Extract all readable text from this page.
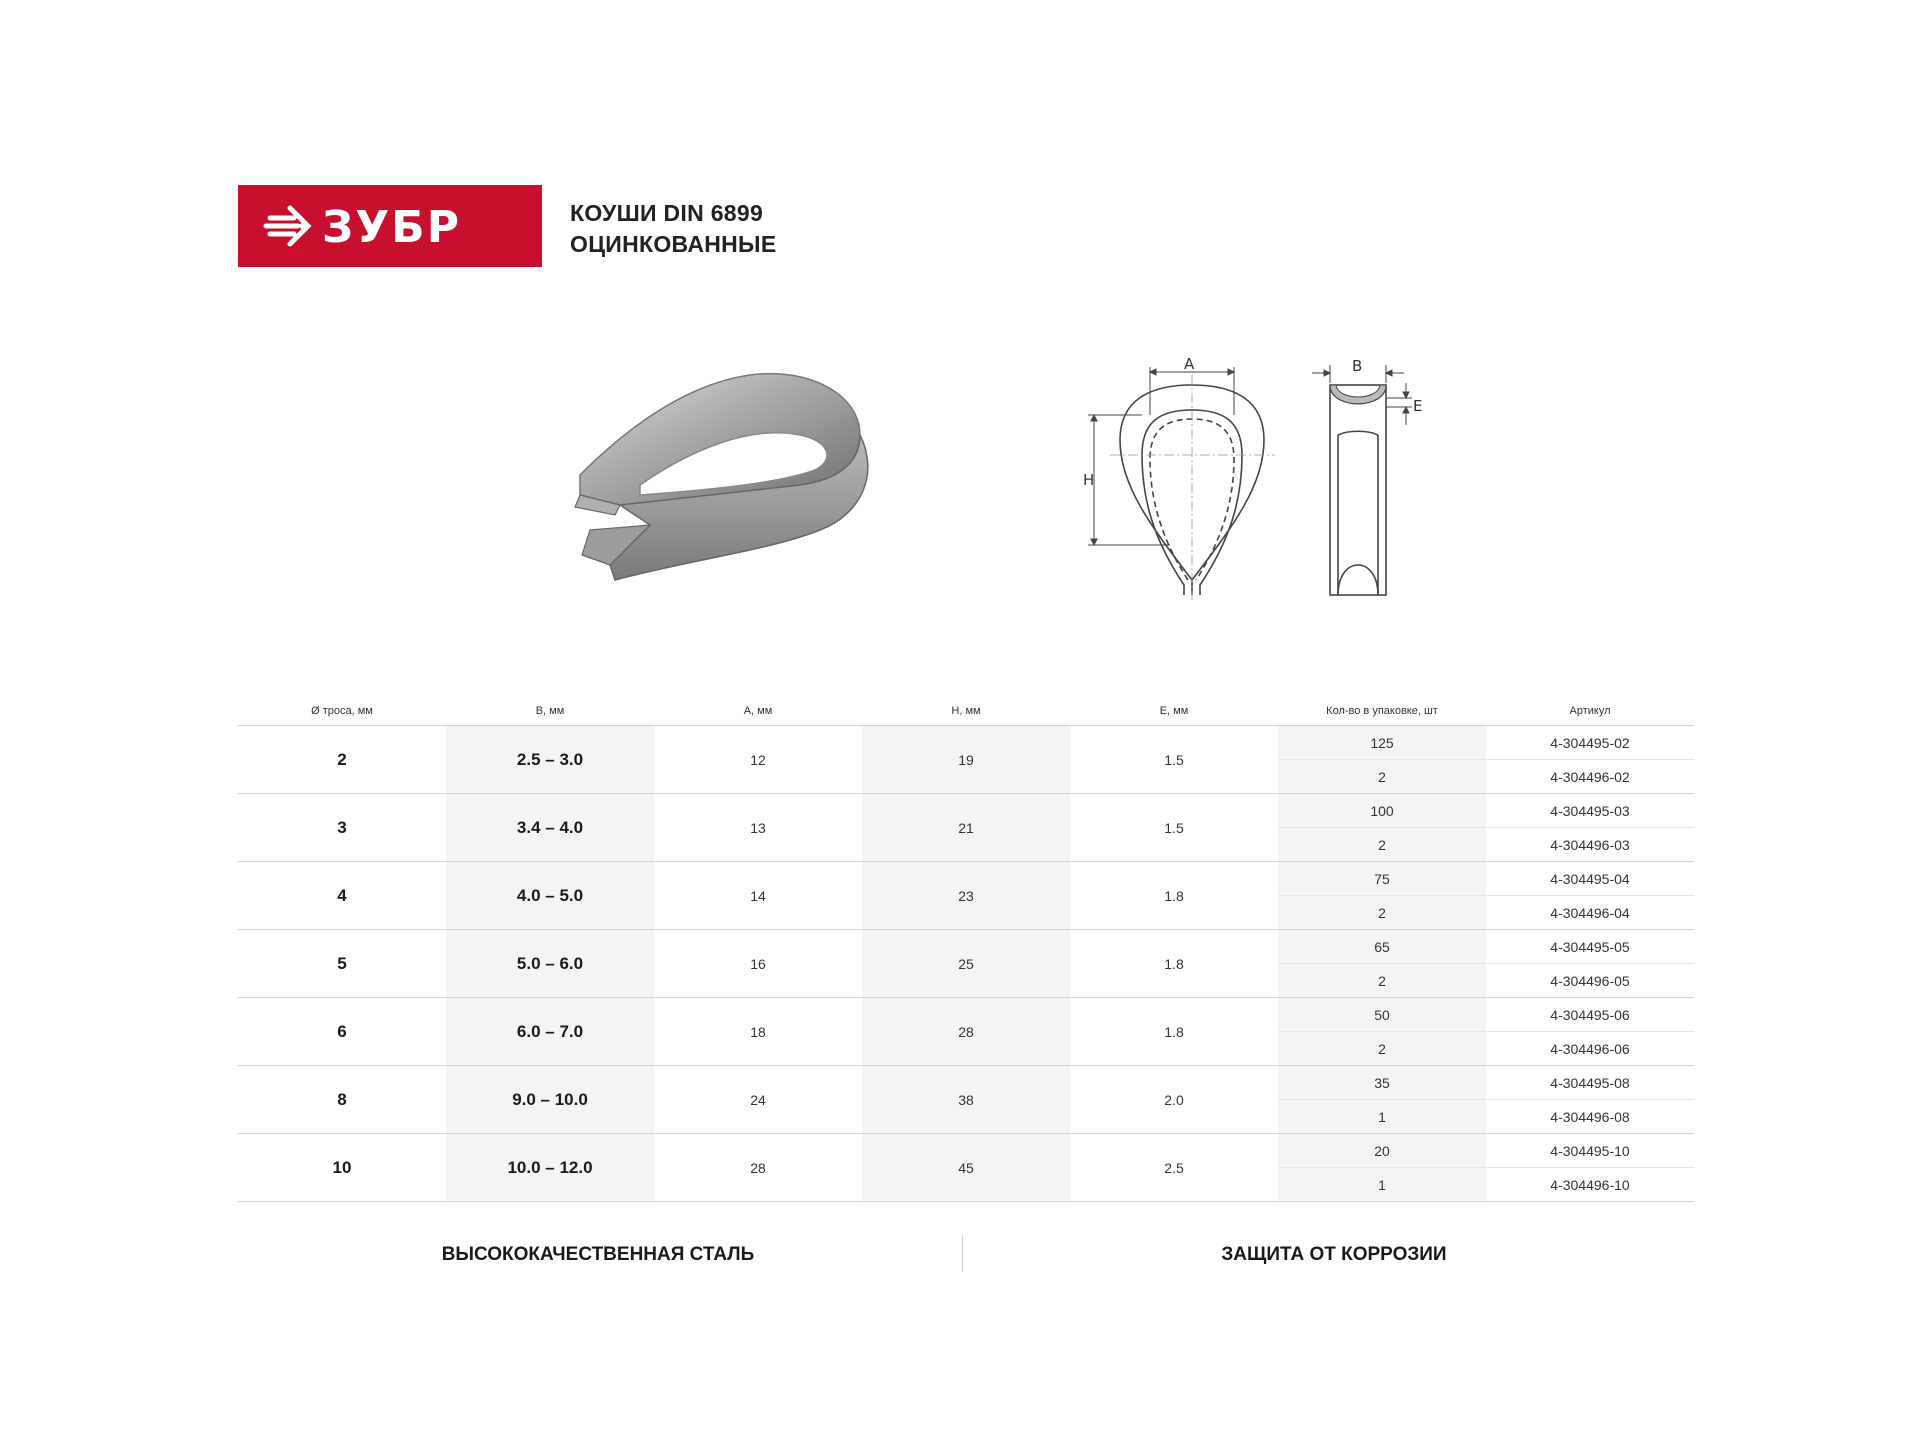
ЗУБР	КОУШИ DIN 6899
ОЦИНКОВАННЫЕ
A
H
B
E
Ø троса, мм	B, мм	A, мм	H, мм	E, мм	Кол-во в упаковке, шт	Артикул
2	2.5 – 3.0	12	19	1.5	125	4-304495-02
					2	4-304496-02
3	3.4 – 4.0	13	21	1.5	100	4-304495-03
					2	4-304496-03
4	4.0 – 5.0	14	23	1.8	75	4-304495-04
					2	4-304496-04
5	5.0 – 6.0	16	25	1.8	65	4-304495-05
					2	4-304496-05
6	6.0 – 7.0	18	28	1.8	50	4-304495-06
					2	4-304496-06
8	9.0 – 10.0	24	38	2.0	35	4-304495-08
					1	4-304496-08
10	10.0 – 12.0	28	45	2.5	20	4-304495-10
					1	4-304496-10
ВЫСОКОКАЧЕСТВЕННАЯ СТАЛЬ	ЗАЩИТА ОТ КОРРОЗИИ
